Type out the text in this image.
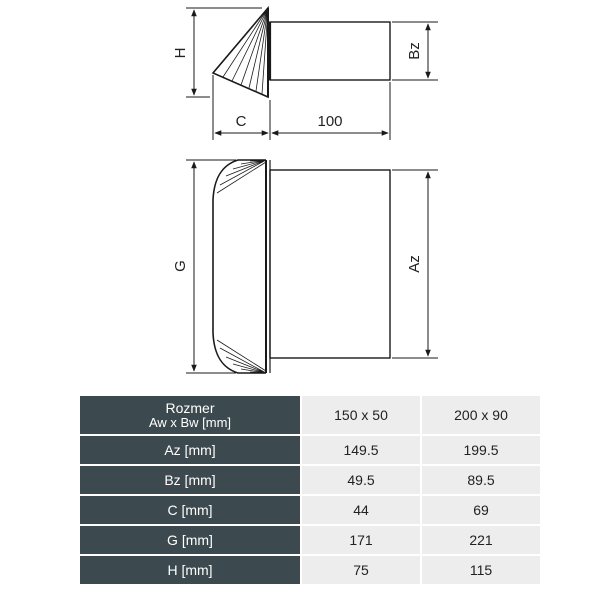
H	Bz
C	100
G	Az
Rozmer
Aw x Bw [mm]	150 x 50	200 x 90
Az [mm]	149.5	199.5
Bz [mm]	49.5	89.5
C [mm]	44	69
G [mm]	171	221
H [mm]	75	115
